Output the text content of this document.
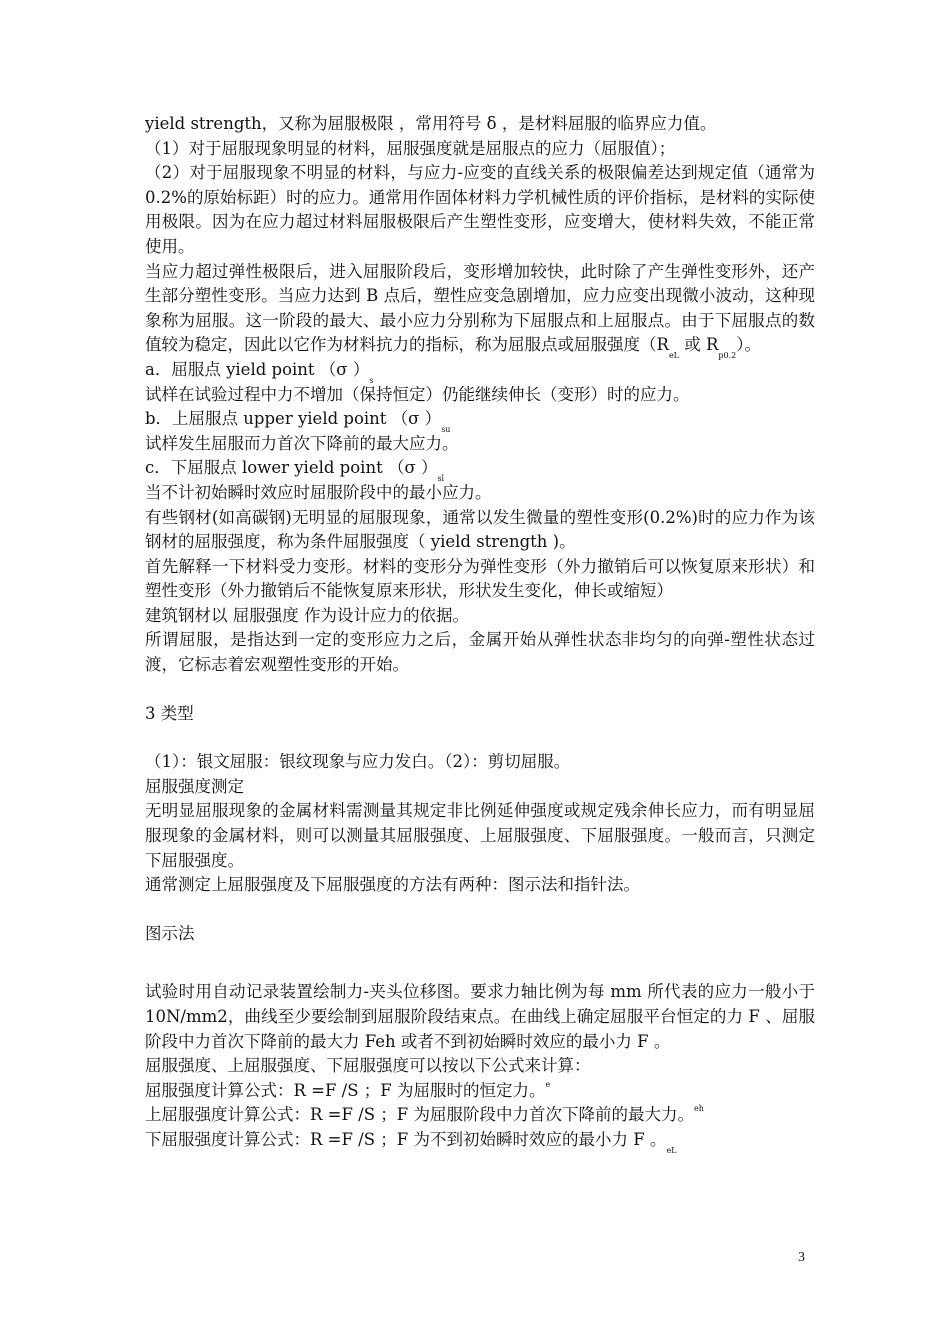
yield strength，又称为屈服极限 ，常用符号 δ ，是材料屈服的临界应力值。

（1）对于屈服现象明显的材料，屈服强度就是屈服点的应力（屈服值）；

（2）对于屈服现象不明显的材料，与应力-应变的直线关系的极限偏差达到规定值（通常为 0.2%的原始标距）时的应力。通常用作固体材料力学机械性质的评价指标，是材料的实际使用极限。因为在应力超过材料屈服极限后产生塑性变形，应变增大，使材料失效，不能正常使用。

当应力超过弹性极限后，进入屈服阶段后，变形增加较快，此时除了产生弹性变形外，还产生部分塑性变形。当应力达到 B 点后，塑性应变急剧增加，应力应变出现微小波动，这种现象称为屈服。这一阶段的最大、最小应力分别称为下屈服点和上屈服点。由于下屈服点的数值较为稳定，因此以它作为材料抗力的指标，称为屈服点或屈服强度（$R_{eL}$ 或 $R_{p0.2}$）。

a．屈服点 yield point （σ ）$_s$

试样在试验过程中力不增加（保持恒定）仍能继续伸长（变形）时的应力。

b．上屈服点 upper yield point （σ ）$_{su}$

试样发生屈服而力首次下降前的最大应力。

c．下屈服点 lower yield point （σ ）$_{sl}$

当不计初始瞬时效应时屈服阶段中的最小应力。

有些钢材(如高碳钢)无明显的屈服现象，通常以发生微量的塑性变形(0.2%)时的应力作为该钢材的屈服强度，称为条件屈服强度（ yield strength )。

首先解释一下材料受力变形。材料的变形分为弹性变形（外力撤销后可以恢复原来形状）和塑性变形（外力撤销后不能恢复原来形状，形状发生变化，伸长或缩短）

建筑钢材以 屈服强度 作为设计应力的依据。

所谓屈服，是指达到一定的变形应力之后，金属开始从弹性状态非均匀的向弹-塑性状态过渡，它标志着宏观塑性变形的开始。

3 类型

（1）：银文屈服：银纹现象与应力发白。（2）：剪切屈服。

屈服强度测定

无明显屈服现象的金属材料需测量其规定非比例延伸强度或规定残余伸长应力，而有明显屈服现象的金属材料，则可以测量其屈服强度、上屈服强度、下屈服强度。一般而言，只测定下屈服强度。

通常测定上屈服强度及下屈服强度的方法有两种：图示法和指针法。

图示法

试验时用自动记录装置绘制力-夹头位移图。要求力轴比例为每 mm 所代表的应力一般小于 10N/mm2，曲线至少要绘制到屈服阶段结束点。在曲线上确定屈服平台恒定的力 F 、屈服阶段中力首次下降前的最大力 Feh 或者不到初始瞬时效应的最小力 F 。

屈服强度、上屈服强度、下屈服强度可以按以下公式来计算：

屈服强度计算公式：R =F /S ；F 为屈服时的恒定力。$^e$

上屈服强度计算公式：R =F /S ；F 为屈服阶段中力首次下降前的最大力。$^{eh}$

下屈服强度计算公式：R =F /S ；F 为不到初始瞬时效应的最小力 F 。$_{eL}$

3
